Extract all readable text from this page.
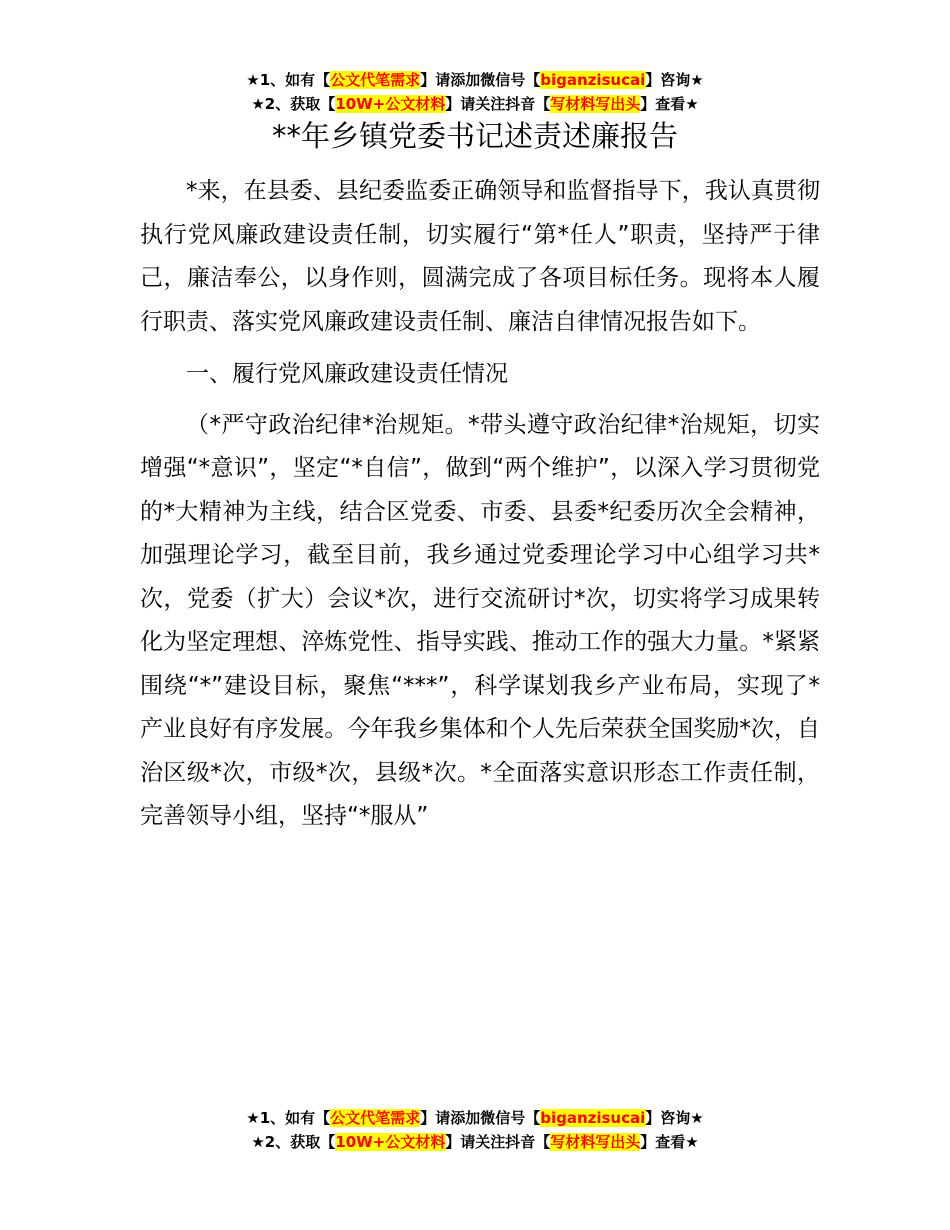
★1、如有【公文代笔需求】请添加微信号【biganzisucai】咨询★
★2、获取【10W+公文材料】请关注抖音【写材料写出头】查看★
**年乡镇党委书记述责述廉报告

*来，在县委、县纪委监委正确领导和监督指导下，我认真贯彻执行党风廉政建设责任制，切实履行“第*任人”职责，坚持严于律己，廉洁奉公，以身作则，圆满完成了各项目标任务。现将本人履行职责、落实党风廉政建设责任制、廉洁自律情况报告如下。

一、履行党风廉政建设责任情况

（*严守政治纪律*治规矩。*带头遵守政治纪律*治规矩，切实增强“*意识”，坚定“*自信”，做到“两个维护”，以深入学习贯彻党的*大精神为主线，结合区党委、市委、县委*纪委历次全会精神，加强理论学习，截至目前，我乡通过党委理论学习中心组学习共*次，党委（扩大）会议*次，进行交流研讨*次，切实将学习成果转化为坚定理想、淬炼党性、指导实践、推动工作的强大力量。*紧紧围绕“*”建设目标，聚焦“***”，科学谋划我乡产业布局，实现了*产业良好有序发展。今年我乡集体和个人先后荣获全国奖励*次，自治区级*次，市级*次，县级*次。*全面落实意识形态工作责任制，完善领导小组，坚持“*服从”

★1、如有【公文代笔需求】请添加微信号【biganzisucai】咨询★
★2、获取【10W+公文材料】请关注抖音【写材料写出头】查看★
